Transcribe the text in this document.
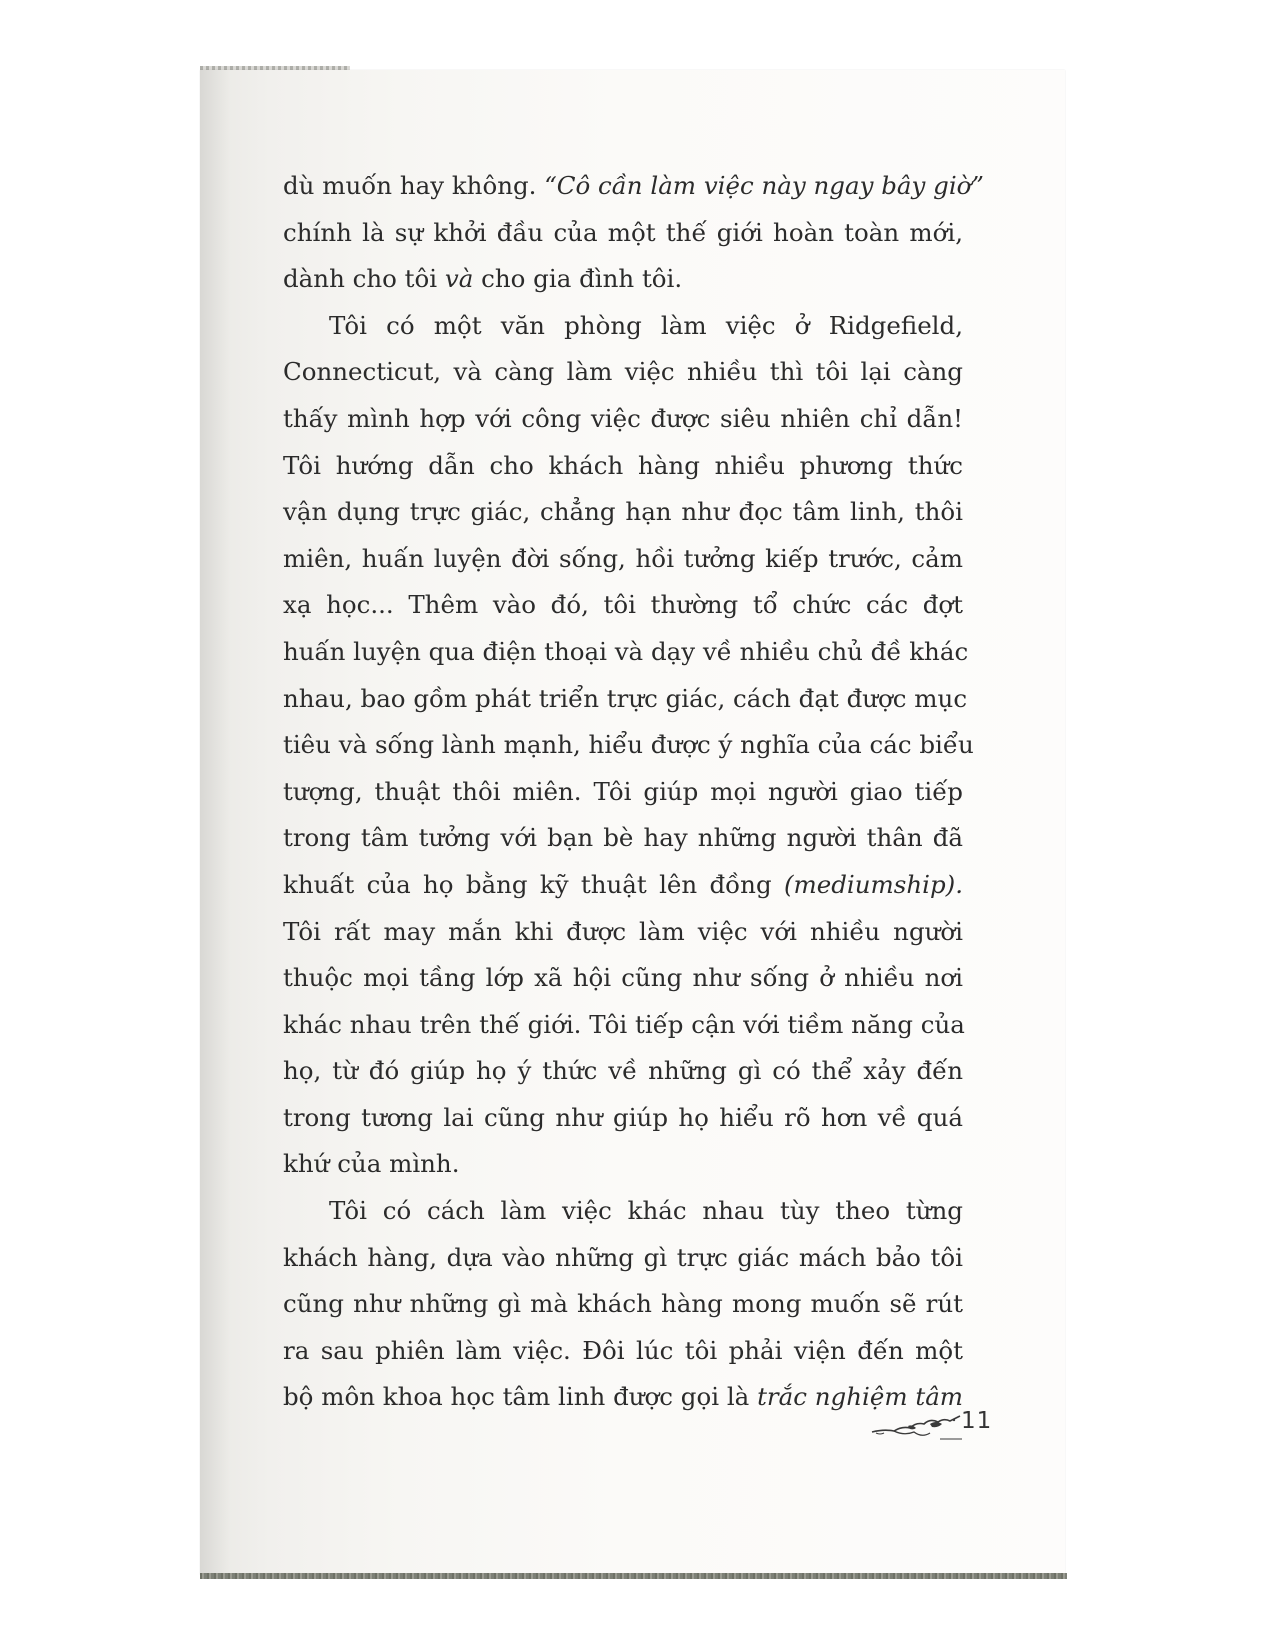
dù muốn hay không. “Cô cần làm việc này ngay bây giờ”
chính là sự khởi đầu của một thế giới hoàn toàn mới,
dành cho tôi và cho gia đình tôi.
Tôi có một văn phòng làm việc ở Ridgefield,
Connecticut, và càng làm việc nhiều thì tôi lại càng
thấy mình hợp với công việc được siêu nhiên chỉ dẫn!
Tôi hướng dẫn cho khách hàng nhiều phương thức
vận dụng trực giác, chẳng hạn như đọc tâm linh, thôi
miên, huấn luyện đời sống, hồi tưởng kiếp trước, cảm
xạ học... Thêm vào đó, tôi thường tổ chức các đợt
huấn luyện qua điện thoại và dạy về nhiều chủ đề khác
nhau, bao gồm phát triển trực giác, cách đạt được mục
tiêu và sống lành mạnh, hiểu được ý nghĩa của các biểu
tượng, thuật thôi miên. Tôi giúp mọi người giao tiếp
trong tâm tưởng với bạn bè hay những người thân đã
khuất của họ bằng kỹ thuật lên đồng (mediumship).
Tôi rất may mắn khi được làm việc với nhiều người
thuộc mọi tầng lớp xã hội cũng như sống ở nhiều nơi
khác nhau trên thế giới. Tôi tiếp cận với tiềm năng của
họ, từ đó giúp họ ý thức về những gì có thể xảy đến
trong tương lai cũng như giúp họ hiểu rõ hơn về quá
khứ của mình.
Tôi có cách làm việc khác nhau tùy theo từng
khách hàng, dựa vào những gì trực giác mách bảo tôi
cũng như những gì mà khách hàng mong muốn sẽ rút
ra sau phiên làm việc. Đôi lúc tôi phải viện đến một
bộ môn khoa học tâm linh được gọi là trắc nghiệm tâm
11
